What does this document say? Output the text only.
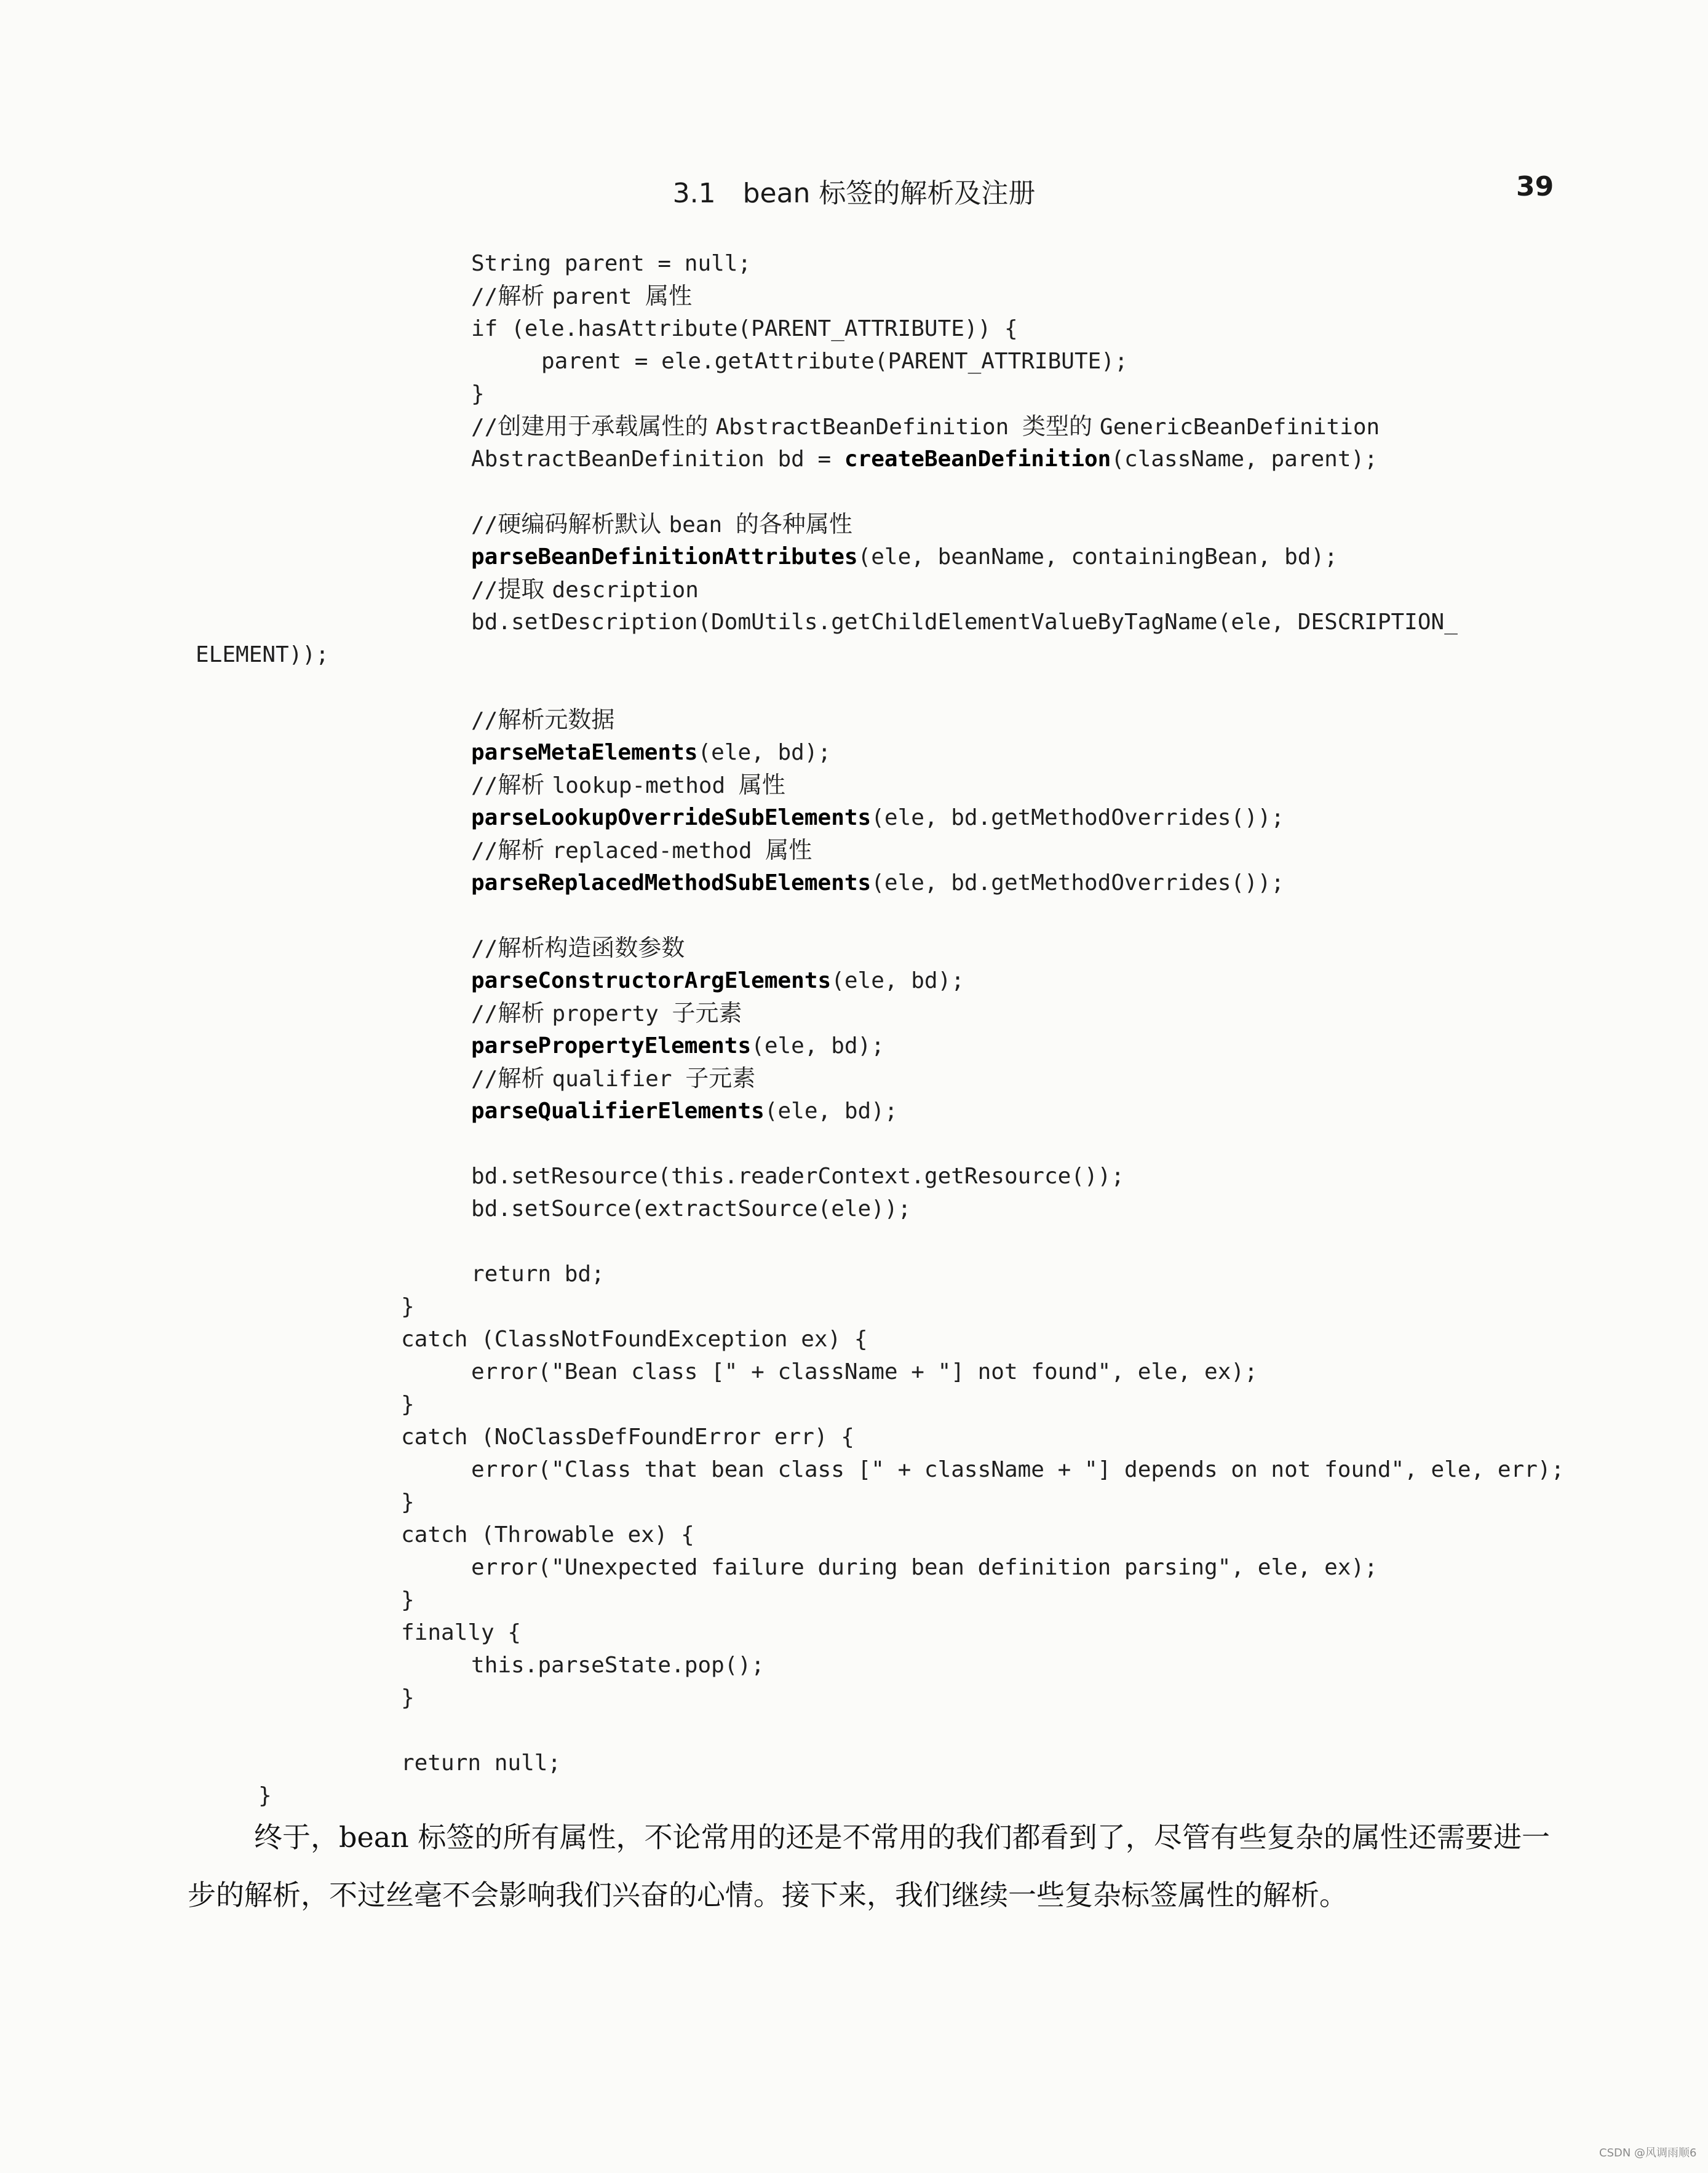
3.1　bean 标签的解析及注册	39
String parent = null;
//解析 parent 属性
if (ele.hasAttribute(PARENT_ATTRIBUTE)) {
parent = ele.getAttribute(PARENT_ATTRIBUTE);
}
//创建用于承载属性的 AbstractBeanDefinition 类型的 GenericBeanDefinition
AbstractBeanDefinition bd = createBeanDefinition(className, parent);
//硬编码解析默认 bean 的各种属性
parseBeanDefinitionAttributes(ele, beanName, containingBean, bd);
//提取 description
bd.setDescription(DomUtils.getChildElementValueByTagName(ele, DESCRIPTION_
ELEMENT));
//解析元数据
parseMetaElements(ele, bd);
//解析 lookup-method 属性
parseLookupOverrideSubElements(ele, bd.getMethodOverrides());
//解析 replaced-method 属性
parseReplacedMethodSubElements(ele, bd.getMethodOverrides());
//解析构造函数参数
parseConstructorArgElements(ele, bd);
//解析 property 子元素
parsePropertyElements(ele, bd);
//解析 qualifier 子元素
parseQualifierElements(ele, bd);
bd.setResource(this.readerContext.getResource());
bd.setSource(extractSource(ele));
return bd;
}
catch (ClassNotFoundException ex) {
error("Bean class [" + className + "] not found", ele, ex);
}
catch (NoClassDefFoundError err) {
error("Class that bean class [" + className + "] depends on not found", ele, err);
}
catch (Throwable ex) {
error("Unexpected failure during bean definition parsing", ele, ex);
}
finally {
this.parseState.pop();
}
return null;
}
终于，bean 标签的所有属性，不论常用的还是不常用的我们都看到了，尽管有些复杂的属性还需要进一步的解析，不过丝毫不会影响我们兴奋的心情。接下来，我们继续一些复杂标签属性的解析。
CSDN @风调雨顺6
